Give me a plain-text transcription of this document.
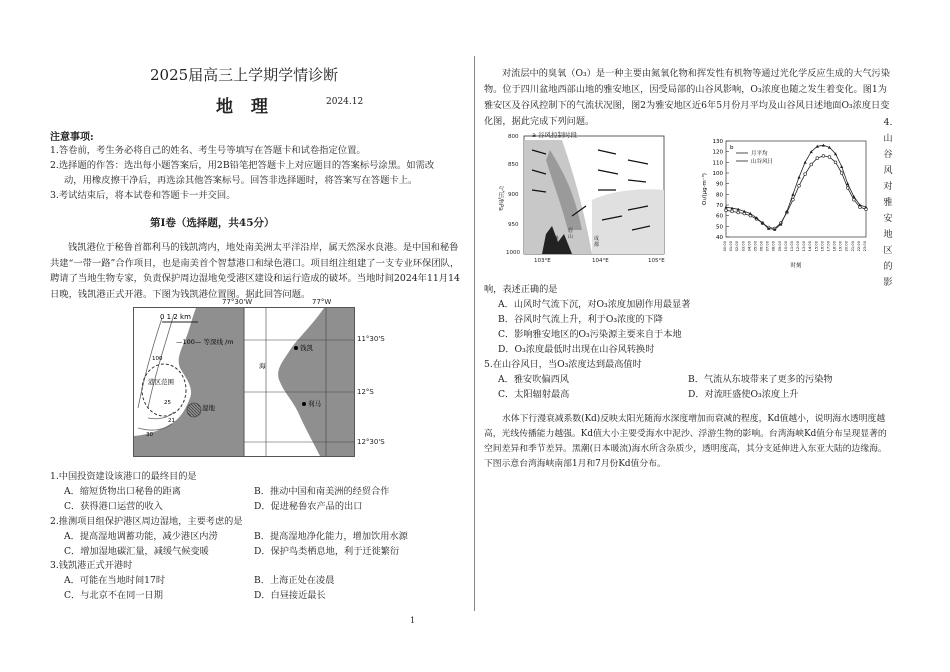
2025届高三上学期学情诊断
地 理	2024.12
注意事项:
1.答卷前，考生务必将自己的姓名、考生号等填写在答题卡和试卷指定位置。
2.选择题的作答：选出每小题答案后，用2B铅笔把答题卡上对应题目的答案标号涂黑。如需改
动，用橡皮擦干净后，再选涂其他答案标号。回答非选择题时，将答案写在答题卡上。
3.考试结束后，将本试卷和答题卡一并交回。
第Ⅰ卷（选择题，共45分）
钱凯港位于秘鲁首都利马的钱凯湾内，地处南美洲太平洋沿岸，属天然深水良港。是中国和秘鲁共建“一带一路”合作项目，也是南美首个智慧港口和绿色港口。项目组注组建了一支专业环保团队，聘请了当地生物专家，负责保护周边湿地免受港区建设和运行造成的破坏。当地时间2024年11月14日晚，钱凯港正式开港。下图为钱凯港位置图。据此回答问题。
0 1 2 km
—100— 等深线 /m
港区范围
湿地
100
21
30
25
钱凯
利马
海
77°30'W	77°W
11°30'S
12°S
12°30'S
1.中国投资建设该港口的最终目的是
A．缩短货物出口秘鲁的距离	B．推动中国和南美洲的经贸合作
C．获得港口运营的收入	D．促进秘鲁农产品的出口
2.推测项目组保护港区周边湿地，主要考虑的是
A．提高湿地调蓄功能，减少港区内涝	B．提高湿地净化能力，增加饮用水源
C．增加湿地碳汇量，减缓气候变暖	D．保护鸟类栖息地，利于迁徙繁衍
3.钱凯港正式开港时
A．可能在当地时间17时	B．上海正处在凌晨
C．与北京不在同一日期	D．白昼接近最长
1
对流层中的臭氧（O₃）是一种主要由氮氧化物和挥发性有机物等通过光化学反应生成的大气污染物。位于四川盆地西部山地的雅安地区，因受局部的山谷风影响，O₃浓度也随之发生着变化。图1为雅安区及谷风控制下的气流状况图，图2为雅安地区近6年5月份月平均及山谷风日述地面O₃浓度日变化图，据此完成下列问题。	4.山谷风对雅安地区的影
a 谷风控制时段
气压/hPa
800
850
900
950
1000
103°E	104°E	105°E
雅安
眉山	成都
40
50
60
70
80
90
100
110
120
130
00:00 01:00 02:00 03:00 04:00 05:00 06:00 07:00 08:00 09:00 10:00 11:00 12:00 13:00 14:00 15:00 16:00 17:00 18:00 19:00 20:00 21:00 22:00 23:00
O₃/(μg·m⁻³)
时刻
b
月平均
山谷风日
响，表述正确的是
A．山风时气流下沉，对O₃浓度加剧作用最显著
B．谷风时气流上升，利于O₃浓度的下降
C．影响雅安地区的O₃污染源主要来自于本地
D．O₃浓度最低时出现在山谷风转换时
5.在山谷风日，当O₃浓度达到最高值时
A．雅安吹偏西风	B．气流从东坡带来了更多的污染物
C．太阳辐射最高	D．对流旺盛使O₃浓度上升
水体下行漫衰减系数(Kd)反映太阳光随海水深度增加而衰减的程度，Kd值越小，说明海水透明度越高，光线传播能力越强。Kd值大小主要受海水中泥沙、浮游生物的影响。台湾海峡Kd值分布呈现显著的空间差异和季节差异。黑潮(日本暖流)海水所含杂质少，透明度高，其分支延伸进入东亚大陆的边缘海。下图示意台湾海峡南部1月和7月份Kd值分布。
